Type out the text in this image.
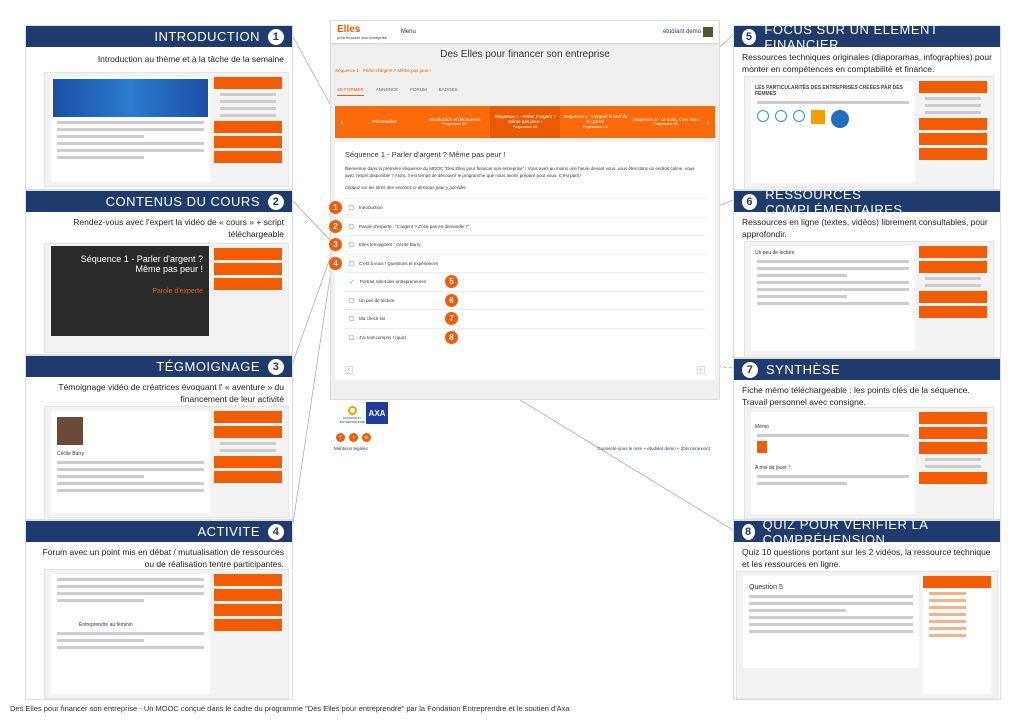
INTRODUCTION	1
Introduction au thème et à la tâche de la semaine
CONTENUS DU COURS	2
Rendez-vous avec l'expert la vidéo de « cours » + script téléchargeable
Séquence 1 - Parler d'argent ? Même pas peur !
Parole d'experte
TÉGMOIGNAGE	3
Témoignage vidéo de créatrices évoquant l' « aventure » du financement de leur activité
Cécile Barry
ACTIVITE	4
Forum avec un point mis en débat / mutualisation de ressources ou de réalisation tentre participantes.
Entreprendre au féminin
Elles
pour financer son entreprise
Menu	etudiant demo
Des Elles pour financer son entreprise
Séquence 1 - Parler d'argent ? Même pas peur !
SE FORMER	ANNONCE	FORUM	BADGES
‹	Présentation
Introduction et découverte
Progression 0/4
Séquence 1 - Parler d'argent ? Même pas peur !
Progression 1/8
Séquence 2 - L'argent le nerf de la guerre
Progression 1/8
Séquence 3 - La boss, c'est moi !
Progression 0/8	›
Séquence 1 - Parler d'argent ? Même pas peur !

Bienvenue dans la première séquence du MOOC "Des Elles pour financer son entreprise" ! Vous avez au moins une heure devant vous, vous êtes dans un endroit calme, vous avez l'esprit disponible ? Alors, il est temps de découvrir le programme que nous avons préparé pour vous. C'est parti !

Cliquez sur les titres des sections ci-dessous pour y accéder.
Introduction
1
Parole d'experte : "L'argent ? J'ose pas en demander !"
2
Elles témoignent : Cécile Barry
3
C'est à vous ! Questions et expériences
4
✓ Portrait robot des entrepreneures	5
Un peu de lecture	6
Ma check-list	7
J'ai tout compris ! (quiz)	8
‹	›
FONDATION ENTREPRENDRE
AXA
f	t	in
Mentions légales	Connecté sous le nom « etudiant demo » (Déconnexion)
5 FOCUS SUR UN ÉLÉMENT FINANCIER
Ressources techniques originales (diaporamas, infographies) pour monter en compétences en comptabilité et finance.
LES PARTICULARITÉS DES ENTREPRISES CRÉÉES PAR DES FEMMES
6 RESSOURCES COMPLÉMENTAIRES
Ressources en ligne (textes, vidéos) librement consultables, pour approfondir.
Un peu de lecture
7 SYNTHÈSE
Fiche mémo téléchargeable : les points clés de la séquence. Travail personnel avec consigne.
Mémo
A moi de jouer !
8 QUIZ POUR VÉRIFIER LA COMPRÉHENSION
Quiz 10 questions portant sur les 2 vidéos, la ressource technique et les ressources en ligne.
Question 5
Des Elles pour financer son entreprise - Un MOOC conçue dans le cadre du programme "Des Elles pour entreprendre" par la Fondation Entreprendre et le soutien d'Axa
